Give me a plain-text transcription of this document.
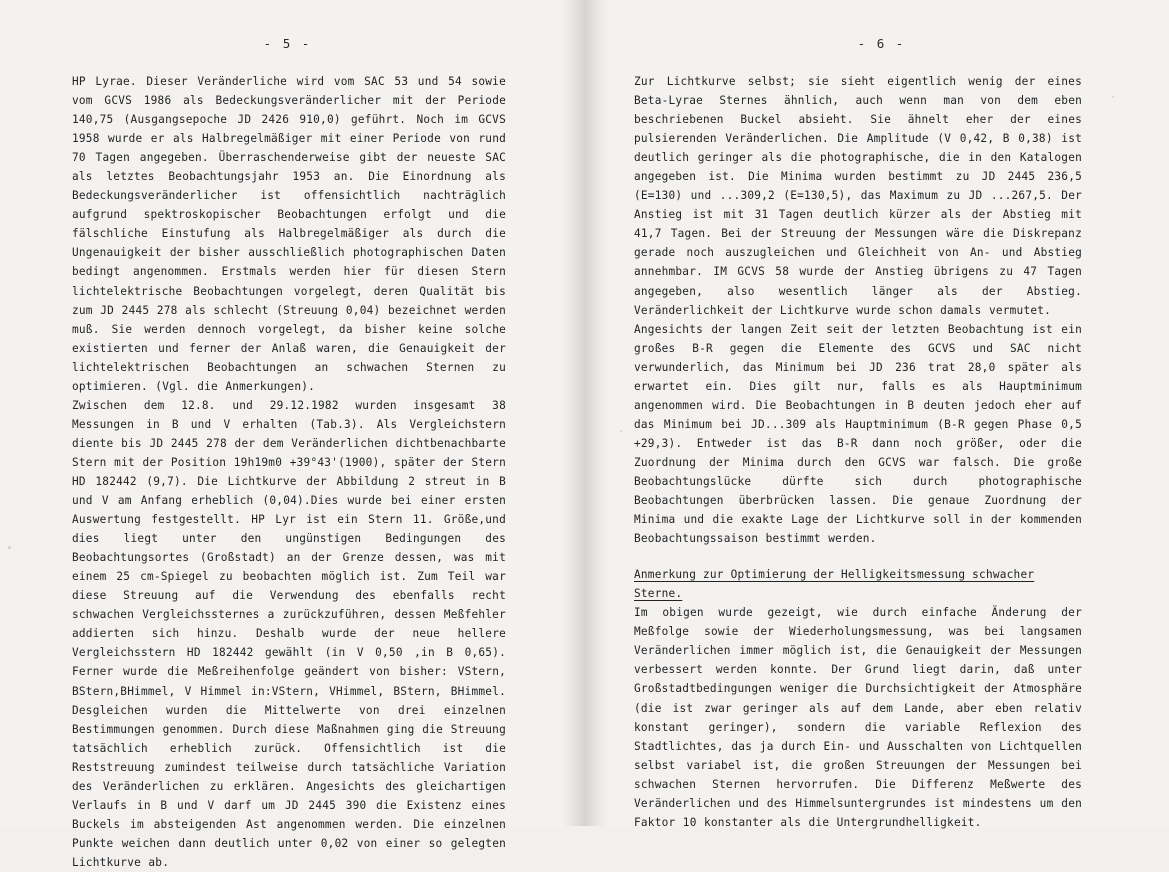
- 5 -

HP Lyrae. Dieser Veränderliche wird vom SAC 53 und 54 sowie vom GCVS 1986 als Bedeckungsveränderlicher mit der Periode 140,75 (Ausgangsepoche JD 2426 910,0) geführt. Noch im GCVS 1958 wurde er als Halbregelmäßiger mit einer Periode von rund 70 Tagen angegeben. Überraschenderweise gibt der neueste SAC als letztes Beobachtungsjahr 1953 an. Die Einordnung als Bedeckungsveränderlicher ist offensichtlich nachträglich aufgrund spektroskopischer Beobachtungen erfolgt und die fälschliche Einstufung als Halbregelmäßiger als durch die Ungenauigkeit der bisher ausschließlich photographischen Daten bedingt angenommen. Erstmals werden hier für diesen Stern lichtelektrische Beobachtungen vorgelegt, deren Qualität bis zum JD 2445 278 als schlecht (Streuung 0,04) bezeichnet werden muß. Sie werden dennoch vorgelegt, da bisher keine solche existierten und ferner der Anlaß waren, die Genauigkeit der lichtelektrischen Beobachtungen an schwachen Sternen zu optimieren. (Vgl. die Anmerkungen).

Zwischen dem 12.8. und 29.12.1982 wurden insgesamt 38 Messungen in B und V erhalten (Tab.3). Als Vergleichstern diente bis JD 2445 278 der dem Veränderlichen dichtbenachbarte Stern mit der Position 19h19m0 +39°43'(1900), später der Stern HD 182442 (9,7). Die Lichtkurve der Abbildung 2 streut in B und V am Anfang erheblich (0,04).Dies wurde bei einer ersten Auswertung festgestellt. HP Lyr ist ein Stern 11. Größe,und dies liegt unter den ungünstigen Bedingungen des Beobachtungsortes (Großstadt) an der Grenze dessen, was mit einem 25 cm-Spiegel zu beobachten möglich ist. Zum Teil war diese Streuung auf die Verwendung des ebenfalls recht schwachen Vergleichssternes a zurückzuführen, dessen Meßfehler addierten sich hinzu. Deshalb wurde der neue hellere Vergleichsstern HD 182442 gewählt (in V 0,50 ,in B 0,65). Ferner wurde die Meßreihenfolge geändert von bisher: VStern, BStern,BHimmel, V Himmel in:VStern, VHimmel, BStern, BHimmel. Desgleichen wurden die Mittelwerte von drei einzelnen Bestimmungen genommen. Durch diese Maßnahmen ging die Streuung tatsächlich erheblich zurück. Offensichtlich ist die Reststreuung zumindest teilweise durch tatsächliche Variation des Veränderlichen zu erklären. Angesichts des gleichartigen Verlaufs in B und V darf um JD 2445 390 die Existenz eines Buckels im absteigenden Ast angenommen werden. Die einzelnen Punkte weichen dann deutlich unter 0,02 von einer so gelegten Lichtkurve ab.

- 6 -

Zur Lichtkurve selbst; sie sieht eigentlich wenig der eines Beta-Lyrae Sternes ähnlich, auch wenn man von dem eben beschriebenen Buckel absieht. Sie ähnelt eher der eines pulsierenden Veränderlichen. Die Amplitude (V 0,42, B 0,38) ist deutlich geringer als die photographische, die in den Katalogen angegeben ist. Die Minima wurden bestimmt zu JD 2445 236,5 (E=130) und ...309,2 (E=130,5), das Maximum zu JD ...267,5. Der Anstieg ist mit 31 Tagen deutlich kürzer als der Abstieg mit 41,7 Tagen. Bei der Streuung der Messungen wäre die Diskrepanz gerade noch auszugleichen und Gleichheit von An- und Abstieg annehmbar. IM GCVS 58 wurde der Anstieg übrigens zu 47 Tagen angegeben, also wesentlich länger als der Abstieg. Veränderlichkeit der Lichtkurve wurde schon damals vermutet.

Angesichts der langen Zeit seit der letzten Beobachtung ist ein großes B-R gegen die Elemente des GCVS und SAC nicht verwunderlich, das Minimum bei JD 236 trat 28,0 später als erwartet ein. Dies gilt nur, falls es als Hauptminimum angenommen wird. Die Beobachtungen in B deuten jedoch eher auf das Minimum bei JD...309 als Hauptminimum (B-R gegen Phase 0,5 +29,3). Entweder ist das B-R dann noch größer, oder die Zuordnung der Minima durch den GCVS war falsch. Die große Beobachtungslücke dürfte sich durch photographische Beobachtungen überbrücken lassen. Die genaue Zuordnung der Minima und die exakte Lage der Lichtkurve soll in der kommenden Beobachtungssaison bestimmt werden.

Anmerkung zur Optimierung der Helligkeitsmessung schwacher Sterne.

Im obigen wurde gezeigt, wie durch einfache Änderung der Meßfolge sowie der Wiederholungsmessung, was bei langsamen Veränderlichen immer möglich ist, die Genauigkeit der Messungen verbessert werden konnte. Der Grund liegt darin, daß unter Großstadtbedingungen weniger die Durchsichtigkeit der Atmosphäre (die ist zwar geringer als auf dem Lande, aber eben relativ konstant geringer), sondern die variable Reflexion des Stadtlichtes, das ja durch Ein- und Ausschalten von Lichtquellen selbst variabel ist, die großen Streuungen der Messungen bei schwachen Sternen hervorrufen. Die Differenz Meßwerte des Veränderlichen und des Himmelsuntergrundes ist mindestens um den Faktor 10 konstanter als die Untergrundhelligkeit.
